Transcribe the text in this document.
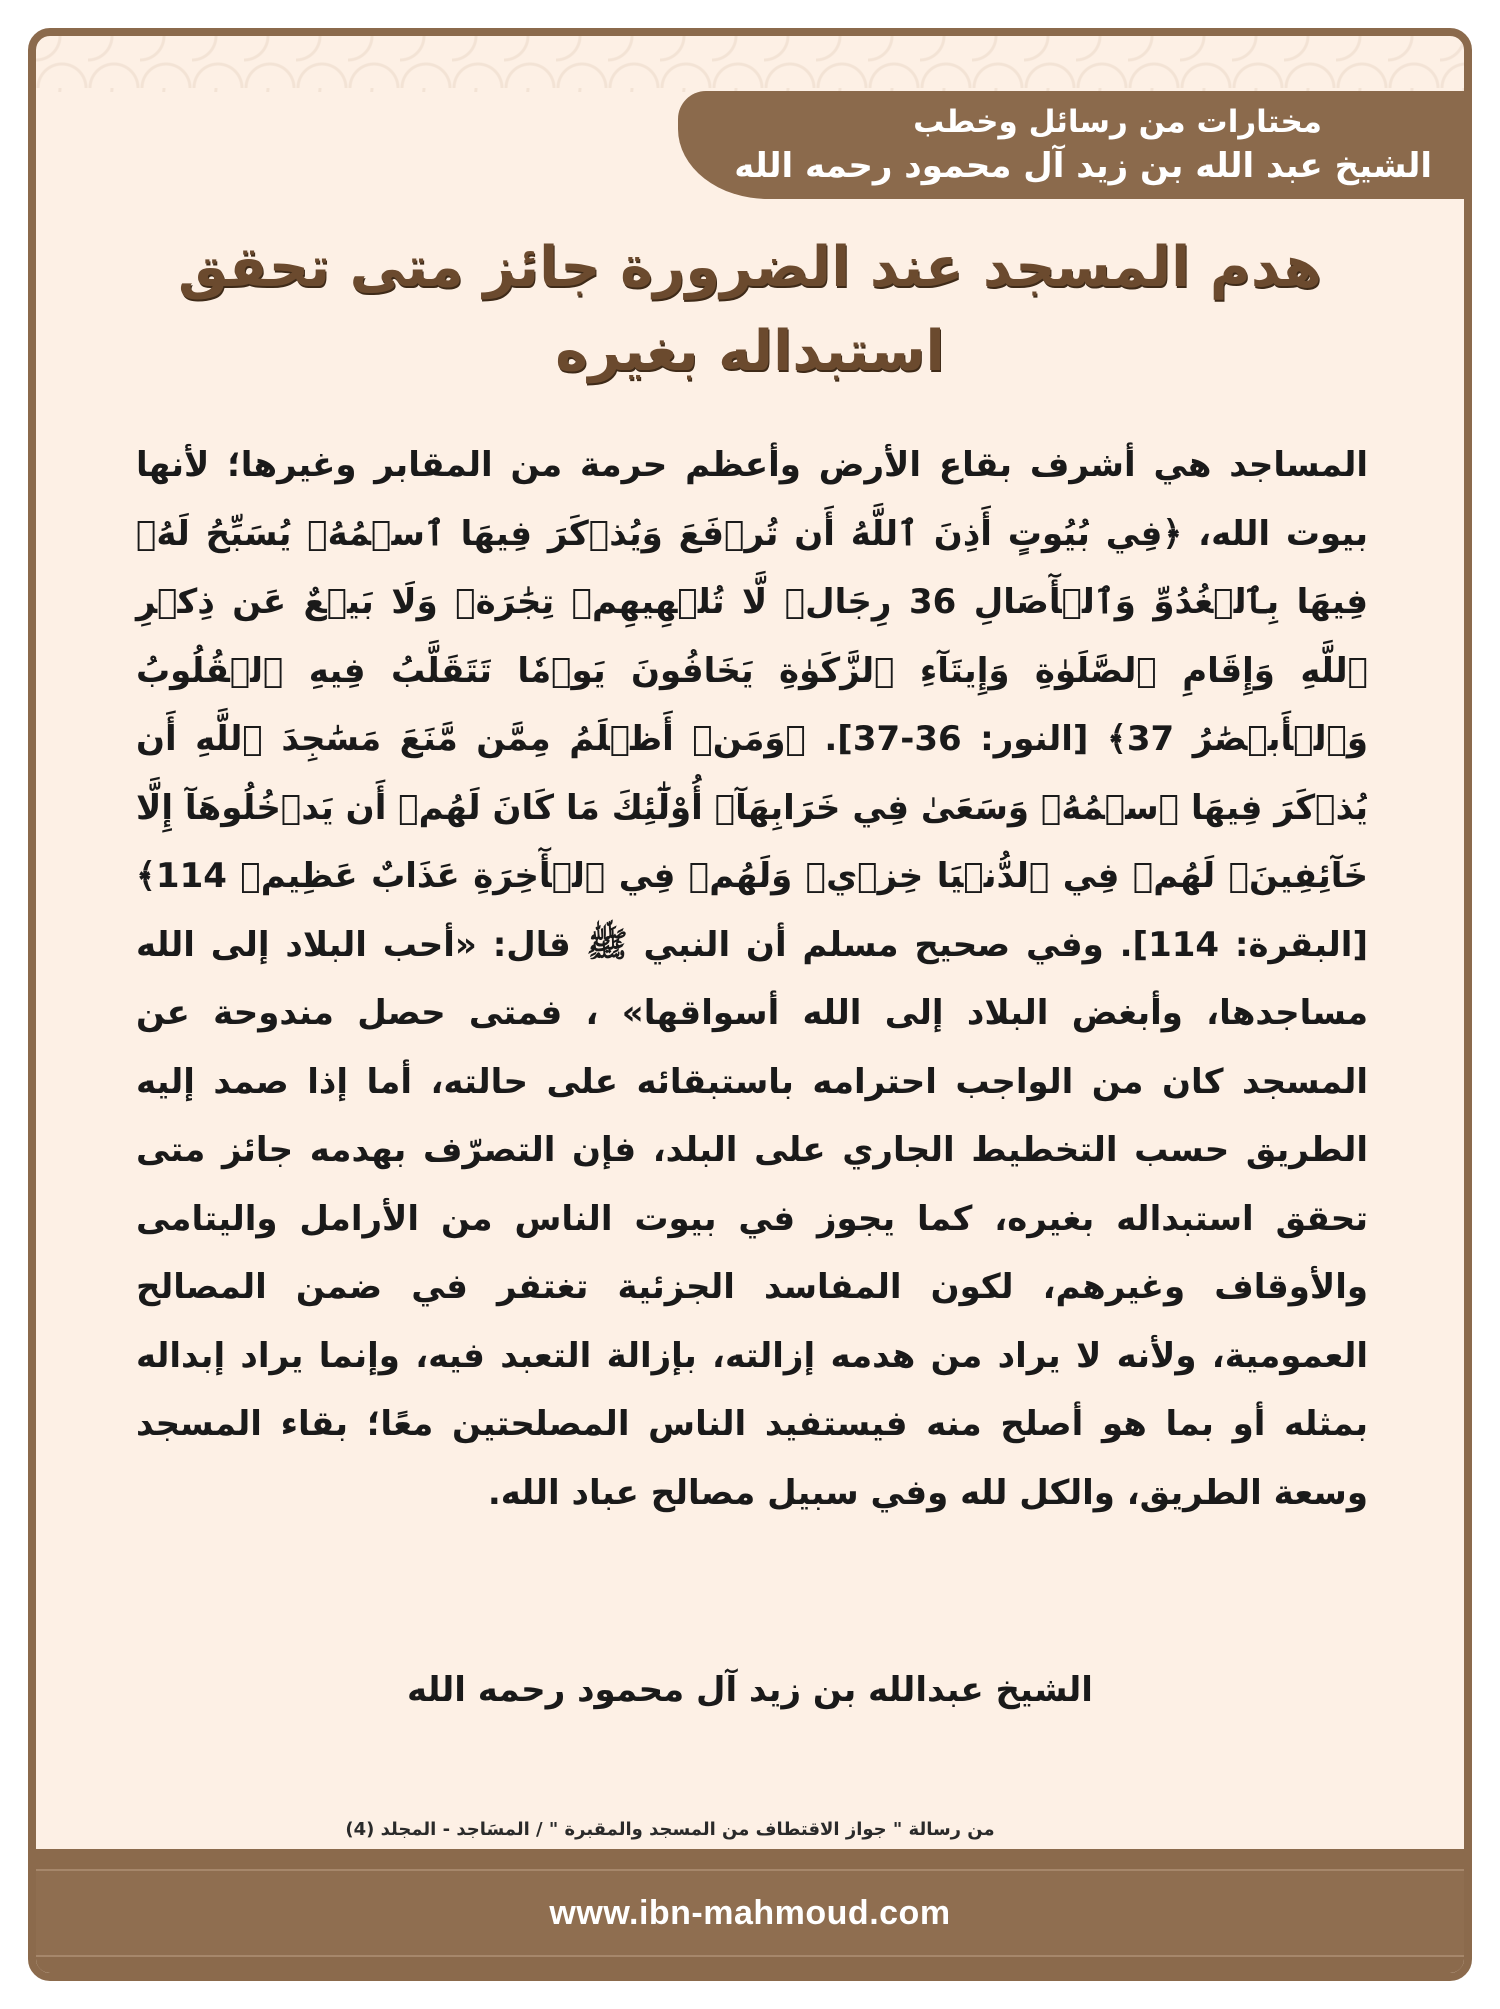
مختارات من رسائل وخطب
الشيخ عبد الله بن زيد آل محمود رحمه الله
هدم المسجد عند الضرورة جائز متى تحقق
استبداله بغيره
المساجد هي أشرف بقاع الأرض وأعظم حرمة من المقابر وغيرها؛ لأنها بيوت الله، ﴿فِي بُيُوتٍ أَذِنَ ٱللَّهُ أَن تُرۡفَعَ وَيُذۡكَرَ فِيهَا ٱسۡمُهُۥ يُسَبِّحُ لَهُۥ فِيهَا بِٱلۡغُدُوِّ وَٱلۡأٓصَالِ 36 رِجَالٞ لَّا تُلۡهِيهِمۡ تِجَٰرَةٞ وَلَا بَيۡعٌ عَن ذِكۡرِ ٱللَّهِ وَإِقَامِ ٱلصَّلَوٰةِ وَإِيتَآءِ ٱلزَّكَوٰةِ يَخَافُونَ يَوۡمٗا تَتَقَلَّبُ فِيهِ ٱلۡقُلُوبُ وَٱلۡأَبۡصَٰرُ 37﴾ [النور: 36-37]. ﴿وَمَنۡ أَظۡلَمُ مِمَّن مَّنَعَ مَسَٰجِدَ ٱللَّهِ أَن يُذۡكَرَ فِيهَا ٱسۡمُهُۥ وَسَعَىٰ فِي خَرَابِهَآۚ أُوْلَٰٓئِكَ مَا كَانَ لَهُمۡ أَن يَدۡخُلُوهَآ إِلَّا خَآئِفِينَۚ لَهُمۡ فِي ٱلدُّنۡيَا خِزۡيٞ وَلَهُمۡ فِي ٱلۡأٓخِرَةِ عَذَابٌ عَظِيمٞ 114﴾ [البقرة: 114]. وفي صحيح مسلم أن النبي ﷺ قال: «أحب البلاد إلى الله مساجدها، وأبغض البلاد إلى الله أسواقها» ، فمتى حصل مندوحة عن المسجد كان من الواجب احترامه باستبقائه على حالته، أما إذا صمد إليه الطريق حسب التخطيط الجاري على البلد، فإن التصرّف بهدمه جائز متى تحقق استبداله بغيره، كما يجوز في بيوت الناس من الأرامل واليتامى والأوقاف وغيرهم، لكون المفاسد الجزئية تغتفر في ضمن المصالح العمومية، ولأنه لا يراد من هدمه إزالته، بإزالة التعبد فيه، وإنما يراد إبداله بمثله أو بما هو أصلح منه فيستفيد الناس المصلحتين معًا؛ بقاء المسجد وسعة الطريق، والكل لله وفي سبيل مصالح عباد الله.
الشيخ عبدالله بن زيد آل محمود رحمه الله
من رسالة " جواز الاقتطاف من المسجد والمقبرة " / المسَاجد - المجلد (4)
www.ibn-mahmoud.com
